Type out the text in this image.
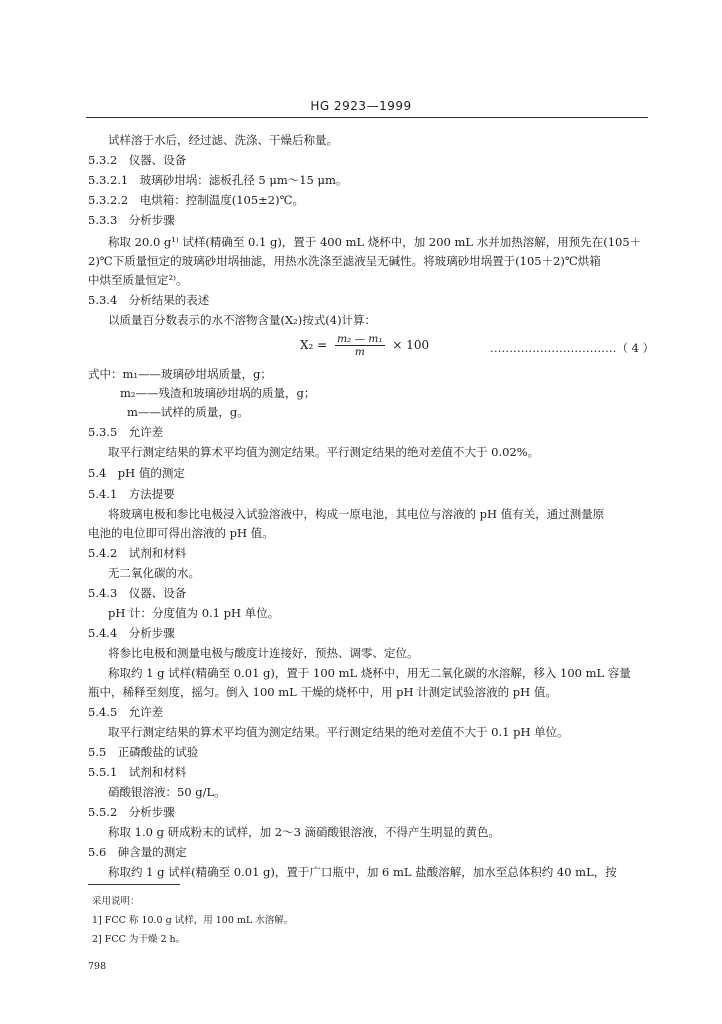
HG 2923—1999
试样溶于水后，经过滤、洗涤、干燥后称量。
5.3.2　仪器、设备
5.3.2.1　玻璃砂坩埚：滤板孔径 5 μm～15 μm。
5.3.2.2　电烘箱：控制温度(105±2)℃。
5.3.3　分析步骤
称取 20.0 g¹⁾ 试样(精确至 0.1 g)，置于 400 mL 烧杯中，加 200 mL 水并加热溶解，用预先在(105＋
2)℃下质量恒定的玻璃砂坩埚抽滤，用热水洗涤至滤液呈无碱性。将玻璃砂坩埚置于(105＋2)℃烘箱
中烘至质量恒定²⁾。
5.3.4　分析结果的表述
以质量百分数表示的水不溶物含量(X₂)按式(4)计算：
式中：m₁——玻璃砂坩埚质量，g；
m₂——残渣和玻璃砂坩埚的质量，g；
m——试样的质量，g。
5.3.5　允许差
取平行测定结果的算术平均值为测定结果。平行测定结果的绝对差值不大于 0.02%。
5.4　pH 值的测定
5.4.1　方法提要
将玻璃电极和参比电极浸入试验溶液中，构成一原电池，其电位与溶液的 pH 值有关，通过测量原
电池的电位即可得出溶液的 pH 值。
5.4.2　试剂和材料
无二氧化碳的水。
5.4.3　仪器、设备
pH 计：分度值为 0.1 pH 单位。
5.4.4　分析步骤
将参比电极和测量电极与酸度计连接好，预热、调零、定位。
称取约 1 g 试样(精确至 0.01 g)，置于 100 mL 烧杯中，用无二氧化碳的水溶解，移入 100 mL 容量
瓶中，稀释至刻度，摇匀。倒入 100 mL 干燥的烧杯中，用 pH 计测定试验溶液的 pH 值。
5.4.5　允许差
取平行测定结果的算术平均值为测定结果。平行测定结果的绝对差值不大于 0.1 pH 单位。
5.5　正磷酸盐的试验
5.5.1　试剂和材料
硝酸银溶液：50 g/L。
5.5.2　分析步骤
称取 1.0 g 研成粉末的试样，加 2～3 滴硝酸银溶液，不得产生明显的黄色。
5.6　砷含量的测定
称取约 1 g 试样(精确至 0.01 g)，置于广口瓶中，加 6 mL 盐酸溶解，加水至总体积约 40 mL，按
$X_2 = \frac{\text{m₂ — m₁}}{m} \times 100$	……………………………（ 4 ）
采用说明：
1] FCC 称 10.0 g 试样，用 100 mL 水溶解。
2] FCC 为干燥 2 h。
798
